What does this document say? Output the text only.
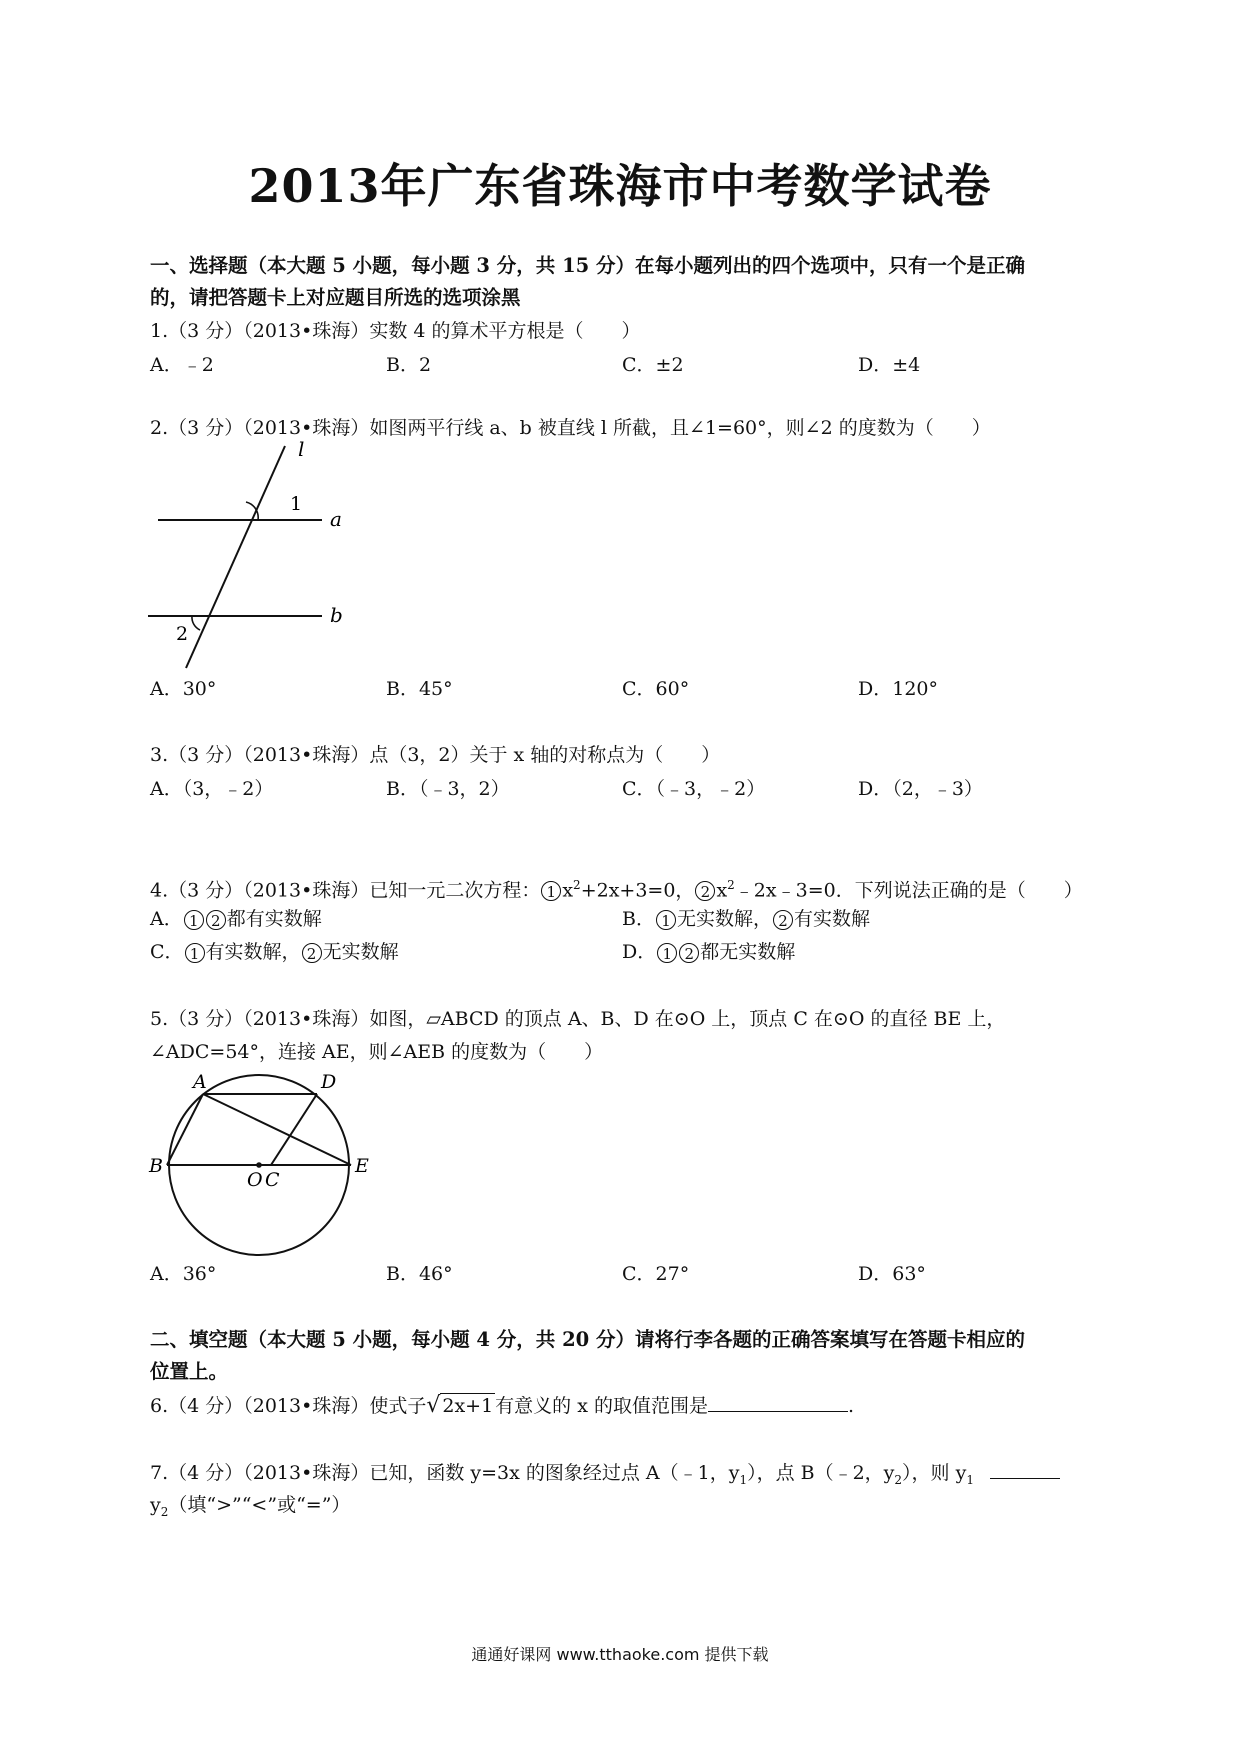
2013年广东省珠海市中考数学试卷
一、选择题（本大题 5 小题，每小题 3 分，共 15 分）在每小题列出的四个选项中，只有一个是正确
的，请把答题卡上对应题目所选的选项涂黑
1.（3 分）（2013•珠海）实数 4 的算术平方根是（　　）
A．﹣2	B．2	C．±2	D．±4
2.（3 分）（2013•珠海）如图两平行线 a、b 被直线 l 所截，且∠1=60°，则∠2 的度数为（　　）
l
a
b
1
2
A．30°	B．45°	C．60°	D．120°
3.（3 分）（2013•珠海）点（3，2）关于 x 轴的对称点为（　　）
A．（3，﹣2）	B．（﹣3，2）	C．（﹣3，﹣2）	D．（2，﹣3）
4.（3 分）（2013•珠海）已知一元二次方程： 1 $x^2+2x+3=0$， 2 $x^2﹣2x﹣3=0$．下列说法正确的是（　　）
A． 1 2 都有实数解	B． 1 无实数解， 2 有实数解
C． 1 有实数解， 2 无实数解	D． 1 2 都无实数解
5.（3 分）（2013•珠海）如图，▱ABCD 的顶点 A、B、D 在⊙O 上，顶点 C 在⊙O 的直径 BE 上，
∠ADC=54°，连接 AE，则∠AEB 的度数为（　　）
A	D
B	E
O C
A．36°	B．46°	C．27°	D．63°
二、填空题（本大题 5 小题，每小题 4 分，共 20 分）请将行李各题的正确答案填写在答题卡相应的
位置上。
6.（4 分）（2013•珠海）使式子√ 2x+1 有意义的 x 的取值范围是	.
7.（4 分）（2013•珠海）已知，函数 y=3x 的图象经过点 A（﹣1，$y_1$），点 B（﹣2，$y_2$），则 $y_1$
$y_2$（填“>”“<”或“=”）
通通好课网 www.tthaoke.com 提供下载
